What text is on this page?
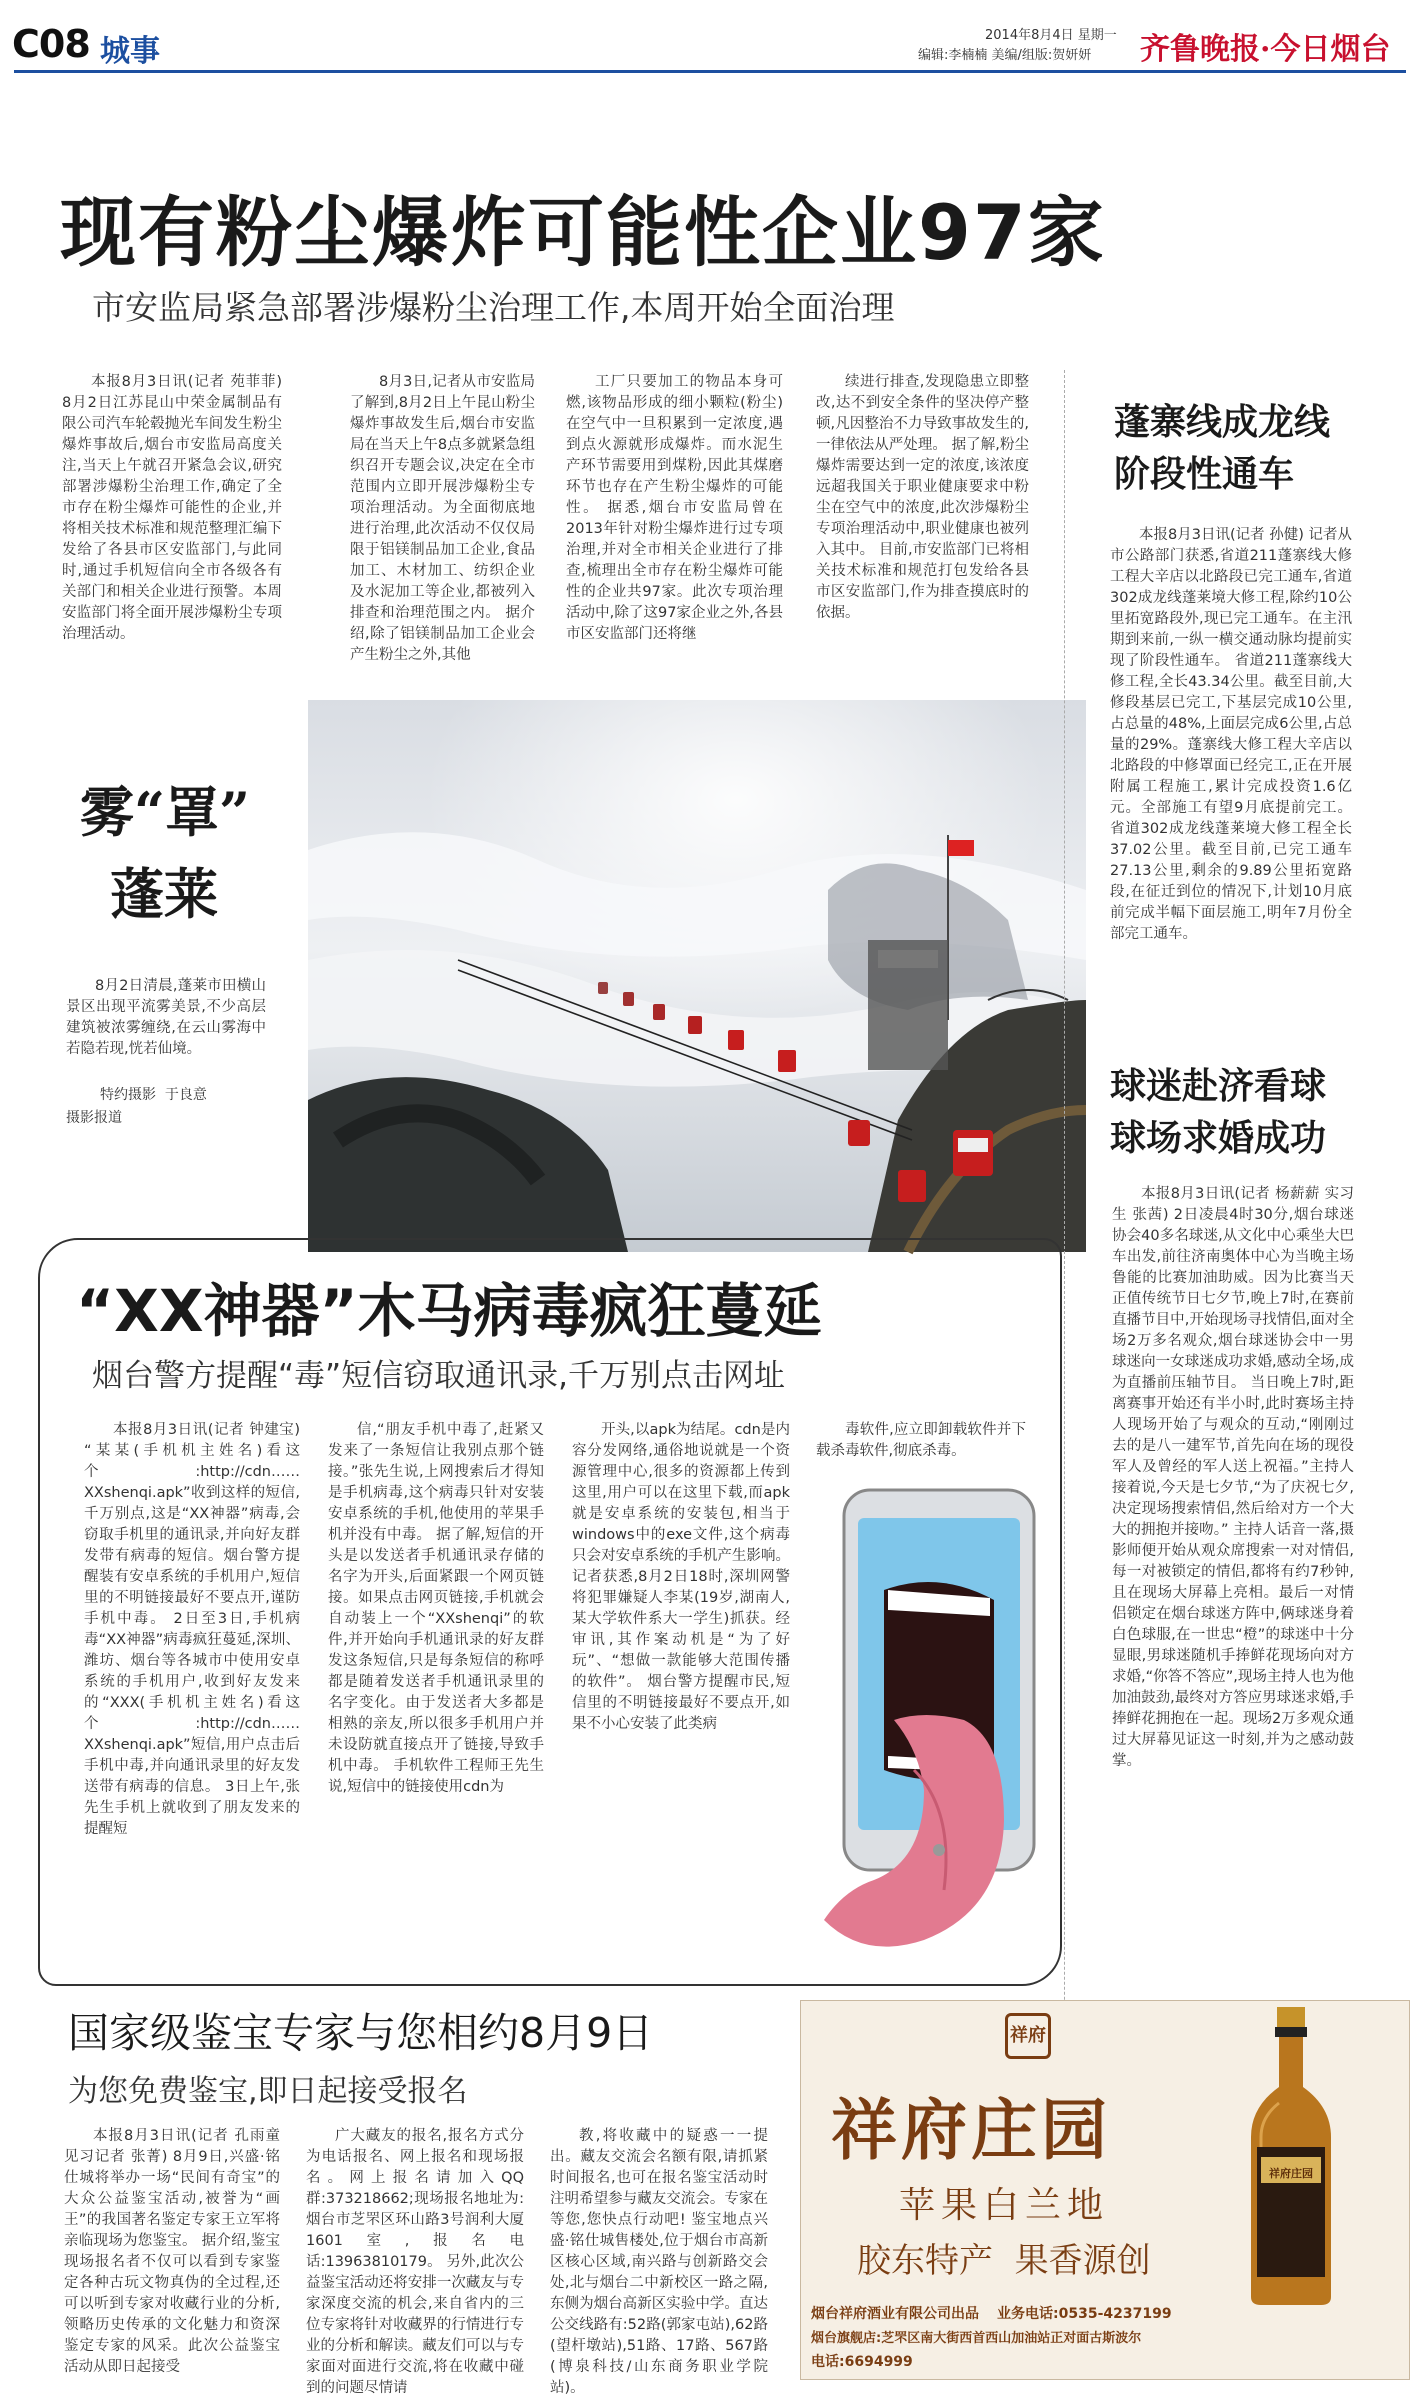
C08 城事	2014年8月4日 星期一
编辑:李楠楠 美编/组版:贺妍妍 齐鲁晚报·今日烟台
现有粉尘爆炸可能性企业97家
市安监局紧急部署涉爆粉尘治理工作,本周开始全面治理
本报8月3日讯(记者 苑菲菲) 8月2日江苏昆山中荣金属制品有限公司汽车轮毂抛光车间发生粉尘爆炸事故后,烟台市安监局高度关注,当天上午就召开紧急会议,研究部署涉爆粉尘治理工作,确定了全市存在粉尘爆炸可能性的企业,并将相关技术标准和规范整理汇编下发给了各县市区安监部门,与此同时,通过手机短信向全市各级各有关部门和相关企业进行预警。本周安监部门将全面开展涉爆粉尘专项治理活动。
8月3日,记者从市安监局了解到,8月2日上午昆山粉尘爆炸事故发生后,烟台市安监局在当天上午8点多就紧急组织召开专题会议,决定在全市范围内立即开展涉爆粉尘专项治理活动。为全面彻底地进行治理,此次活动不仅仅局限于铝镁制品加工企业,食品加工、木材加工、纺织企业及水泥加工等企业,都被列入排查和治理范围之内。 据介绍,除了铝镁制品加工企业会产生粉尘之外,其他
工厂只要加工的物品本身可燃,该物品形成的细小颗粒(粉尘)在空气中一旦积累到一定浓度,遇到点火源就形成爆炸。而水泥生产环节需要用到煤粉,因此其煤磨环节也存在产生粉尘爆炸的可能性。 据悉,烟台市安监局曾在2013年针对粉尘爆炸进行过专项治理,并对全市相关企业进行了排查,梳理出全市存在粉尘爆炸可能性的企业共97家。此次专项治理活动中,除了这97家企业之外,各县市区安监部门还将继
续进行排查,发现隐患立即整改,达不到安全条件的坚决停产整顿,凡因整治不力导致事故发生的,一律依法从严处理。 据了解,粉尘爆炸需要达到一定的浓度,该浓度远超我国关于职业健康要求中粉尘在空气中的浓度,此次涉爆粉尘专项治理活动中,职业健康也被列入其中。 目前,市安监部门已将相关技术标准和规范打包发给各县市区安监部门,作为排查摸底时的依据。
雾“罩”
蓬莱
8月2日清晨,蓬莱市田横山景区出现平流雾美景,不少高层建筑被浓雾缠绕,在云山雾海中若隐若现,恍若仙境。
特约摄影  于良意
摄影报道
蓬寨线成龙线
阶段性通车
本报8月3日讯(记者 孙健) 记者从市公路部门获悉,省道211蓬寨线大修工程大辛店以北路段已完工通车,省道302成龙线蓬莱境大修工程,除约10公里拓宽路段外,现已完工通车。在主汛期到来前,一纵一横交通动脉均提前实现了阶段性通车。 省道211蓬寨线大修工程,全长43.34公里。截至目前,大修段基层已完工,下基层完成10公里,占总量的48%,上面层完成6公里,占总量的29%。蓬寨线大修工程大辛店以北路段的中修罩面已经完工,正在开展附属工程施工,累计完成投资1.6亿元。全部施工有望9月底提前完工。 省道302成龙线蓬莱境大修工程全长37.02公里。截至目前,已完工通车27.13公里,剩余的9.89公里拓宽路段,在征迁到位的情况下,计划10月底前完成半幅下面层施工,明年7月份全部完工通车。
球迷赴济看球
球场求婚成功
本报8月3日讯(记者 杨薪薪 实习生 张茜) 2日凌晨4时30分,烟台球迷协会40多名球迷,从文化中心乘坐大巴车出发,前往济南奥体中心为当晚主场鲁能的比赛加油助威。因为比赛当天正值传统节日七夕节,晚上7时,在赛前直播节目中,开始现场寻找情侣,面对全场2万多名观众,烟台球迷协会中一男球迷向一女球迷成功求婚,感动全场,成为直播前压轴节目。 当日晚上7时,距离赛事开始还有半小时,此时赛场主持人现场开始了与观众的互动,“刚刚过去的是八一建军节,首先向在场的现役军人及曾经的军人送上祝福。”主持人接着说,今天是七夕节,“为了庆祝七夕,决定现场搜索情侣,然后给对方一个大大的拥抱并接吻。” 主持人话音一落,摄影师便开始从观众席搜索一对对情侣,每一对被锁定的情侣,都将有约7秒钟,且在现场大屏幕上亮相。最后一对情侣锁定在烟台球迷方阵中,俩球迷身着白色球服,在一世忠“橙”的球迷中十分显眼,男球迷随机手捧鲜花现场向对方求婚,“你答不答应”,现场主持人也为他加油鼓劲,最终对方答应男球迷求婚,手捧鲜花拥抱在一起。现场2万多观众通过大屏幕见证这一时刻,并为之感动鼓掌。
“XX神器”木马病毒疯狂蔓延
烟台警方提醒“毒”短信窃取通讯录,千万别点击网址
本报8月3日讯(记者 钟建宝) “某某(手机机主姓名)看这个:http://cdn……XXshenqi.apk”收到这样的短信,千万别点,这是“XX神器”病毒,会窃取手机里的通讯录,并向好友群发带有病毒的短信。烟台警方提醒装有安卓系统的手机用户,短信里的不明链接最好不要点开,谨防手机中毒。 2日至3日,手机病毒“XX神器”病毒疯狂蔓延,深圳、潍坊、烟台等各城市中使用安卓系统的手机用户,收到好友发来的“XXX(手机机主姓名)看这个:http://cdn……XXshenqi.apk”短信,用户点击后手机中毒,并向通讯录里的好友发送带有病毒的信息。 3日上午,张先生手机上就收到了朋友发来的提醒短
信,“朋友手机中毒了,赶紧又发来了一条短信让我别点那个链接。”张先生说,上网搜索后才得知是手机病毒,这个病毒只针对安装安卓系统的手机,他使用的苹果手机并没有中毒。 据了解,短信的开头是以发送者手机通讯录存储的名字为开头,后面紧跟一个网页链接。如果点击网页链接,手机就会自动装上一个“XXshenqi”的软件,并开始向手机通讯录的好友群发这条短信,只是每条短信的称呼都是随着发送者手机通讯录里的名字变化。由于发送者大多都是相熟的亲友,所以很多手机用户并未设防就直接点开了链接,导致手机中毒。 手机软件工程师王先生说,短信中的链接使用cdn为
开头,以apk为结尾。cdn是内容分发网络,通俗地说就是一个资源管理中心,很多的资源都上传到这里,用户可以在这里下载,而apk就是安卓系统的安装包,相当于windows中的exe文件,这个病毒只会对安卓系统的手机产生影响。 记者获悉,8月2日18时,深圳网警将犯罪嫌疑人李某(19岁,湖南人,某大学软件系大一学生)抓获。经审讯,其作案动机是“为了好玩”、“想做一款能够大范围传播的软件”。 烟台警方提醒市民,短信里的不明链接最好不要点开,如果不小心安装了此类病
毒软件,应立即卸载软件并下载杀毒软件,彻底杀毒。
国家级鉴宝专家与您相约8月9日
为您免费鉴宝,即日起接受报名
本报8月3日讯(记者 孔雨童 见习记者 张菁) 8月9日,兴盛·铭仕城将举办一场“民间有奇宝”的大众公益鉴宝活动,被誉为“画王”的我国著名鉴定专家王立军将亲临现场为您鉴宝。 据介绍,鉴宝现场报名者不仅可以看到专家鉴定各种古玩文物真伪的全过程,还可以听到专家对收藏行业的分析,领略历史传承的文化魅力和资深鉴定专家的风采。此次公益鉴宝活动从即日起接受
广大藏友的报名,报名方式分为电话报名、网上报名和现场报名。网上报名请加入QQ群:373218662;现场报名地址为:烟台市芝罘区环山路3号润利大厦1601室,报名电话:13963810179。 另外,此次公益鉴宝活动还将安排一次藏友与专家深度交流的机会,来自省内的三位专家将针对收藏界的行情进行专业的分析和解读。藏友们可以与专家面对面进行交流,将在收藏中碰到的问题尽情请
教,将收藏中的疑惑一一提出。藏友交流会名额有限,请抓紧时间报名,也可在报名鉴宝活动时注明希望参与藏友交流会。专家在等您,您快点行动吧! 鉴宝地点兴盛·铭仕城售楼处,位于烟台市高新区核心区域,南兴路与创新路交会处,北与烟台二中新校区一路之隔,东侧为烟台高新区实验中学。直达公交线路有:52路(郭家屯站),62路(望杆墩站),51路、17路、567路(博泉科技/山东商务职业学院站)。
祥府
祥府庄园
苹果白兰地
胶东特产  果香源创
烟台祥府酒业有限公司出品 业务电话:0535-4237199
烟台旗舰店:芝罘区南大街西首西山加油站正对面古斯波尔
电话:6694999
祥府庄园
